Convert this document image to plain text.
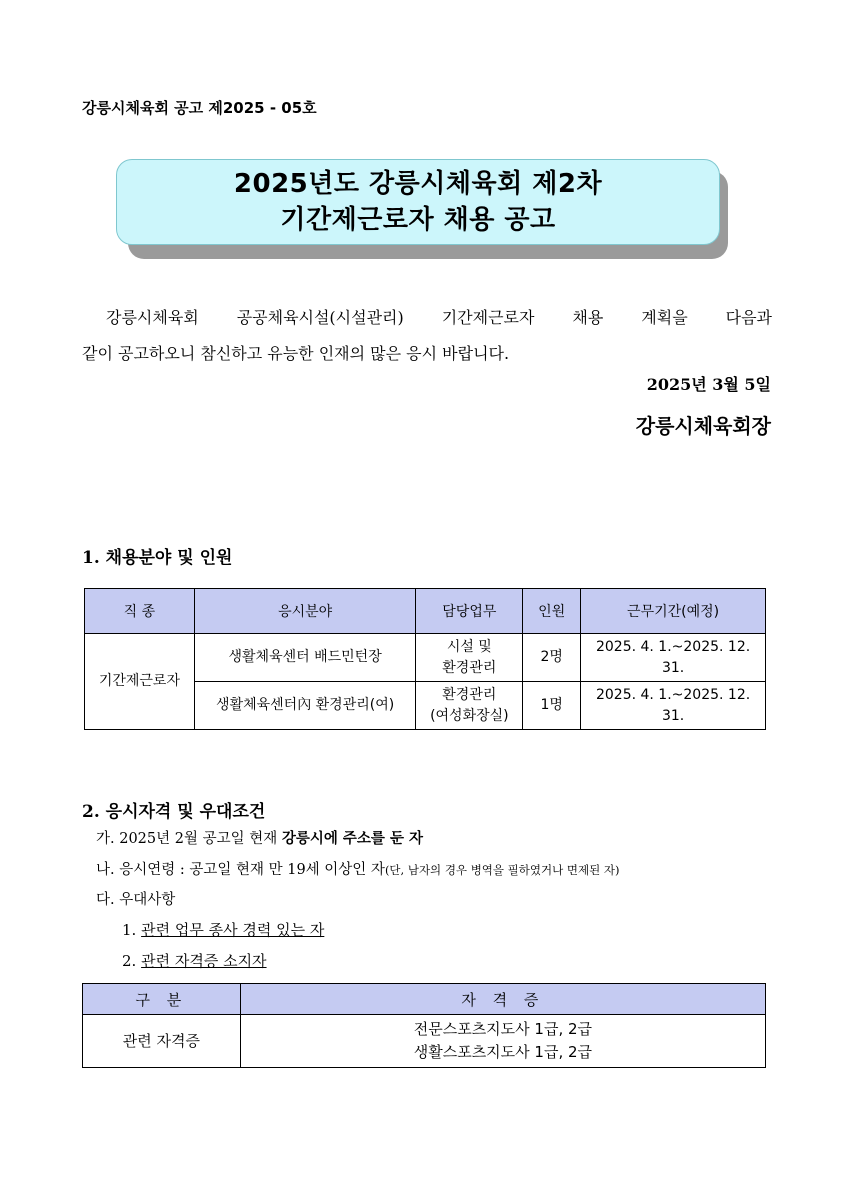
강릉시체육회 공고 제2025 - 05호
2025년도 강릉시체육회 제2차
기간제근로자 채용 공고

강릉시체육회 공공체육시설(시설관리) 기간제근로자 채용 계획을 다음과

같이 공고하오니 참신하고 유능한 인재의 많은 응시 바랍니다.

2025년 3월 5일
강릉시체육회장
1. 채용분야 및 인원
직 종	응시분야	담당업무	인원	근무기간(예정)
기간제근로자	생활체육센터 배드민턴장	시설 및
환경관리	2명	2025. 4. 1.~2025. 12. 31.
	생활체육센터內 환경관리(여)	환경관리
(여성화장실)	1명	2025. 4. 1.~2025. 12. 31.
2. 응시자격 및 우대조건
가. 2025년 2월 공고일 현재 강릉시에 주소를 둔 자
나. 응시연령 : 공고일 현재 만 19세 이상인 자(단, 남자의 경우 병역을 필하였거나 면제된 자)
다. 우대사항
1. 관련 업무 종사 경력 있는 자
2. 관련 자격증 소지자
구 분	자 격 증
관련 자격증	전문스포츠지도사 1급, 2급
생활스포츠지도사 1급, 2급
